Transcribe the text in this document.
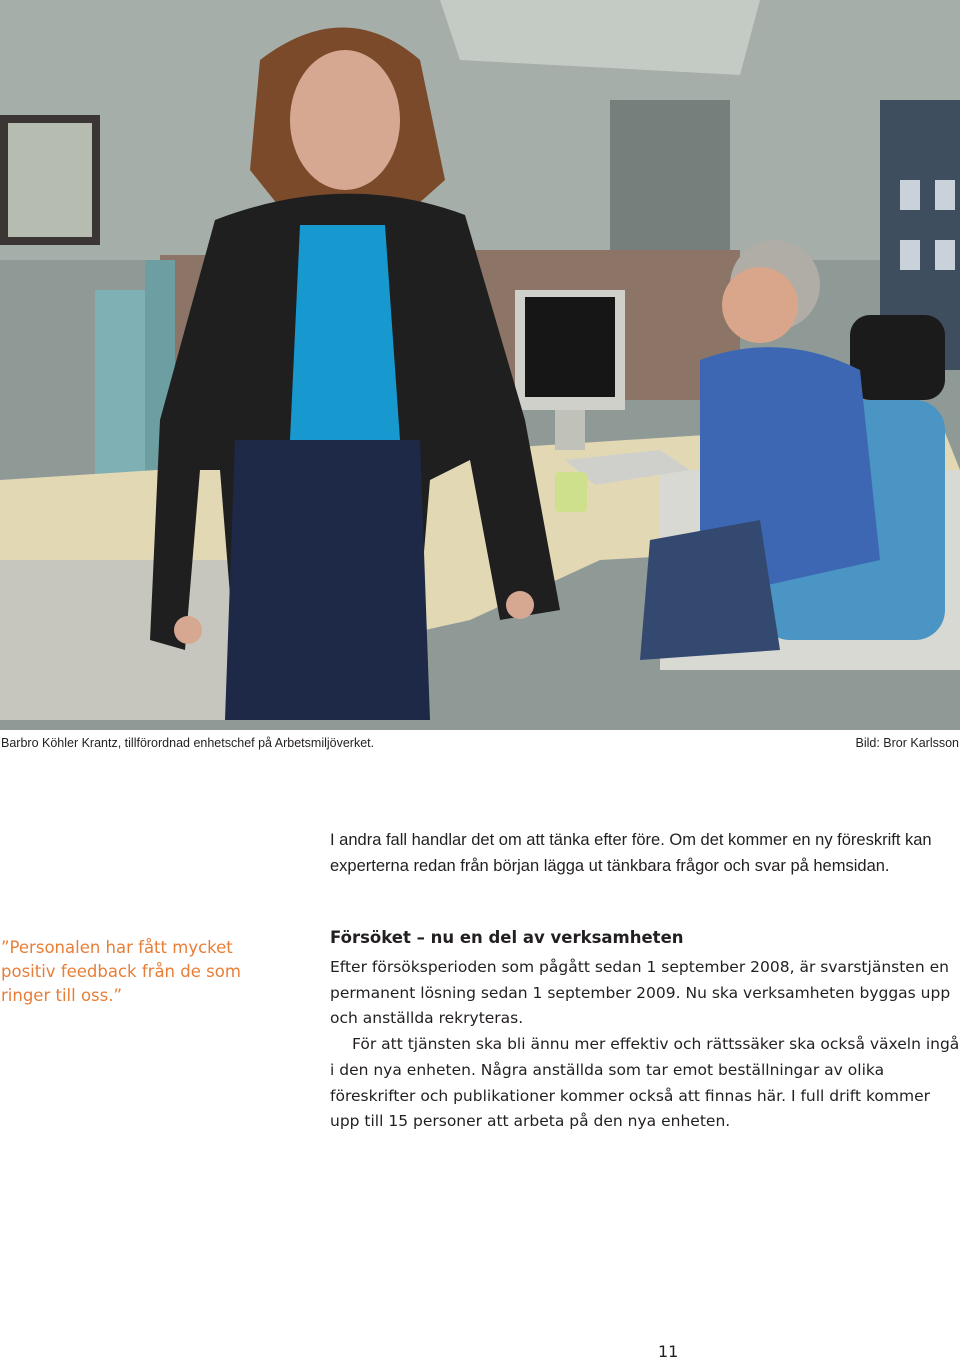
Barbro Köhler Krantz, tillförordnad enhetschef på Arbetsmiljöverket.	Bild: Bror Karlsson

I andra fall handlar det om att tänka efter före. Om det kommer en ny föreskrift kan experterna redan från början lägga ut tänkbara frågor och svar på hemsidan.

”Personalen har fått mycket positiv feedback från de som ringer till oss.”

Försöket – nu en del av verksamheten

Efter försöksperioden som pågått sedan 1 september 2008, är svarstjänsten en permanent lösning sedan 1 september 2009. Nu ska verksamheten byggas upp och anställda rekryteras.

För att tjänsten ska bli ännu mer effektiv och rättssäker ska också växeln ingå i den nya enheten. Några anställda som tar emot beställningar av olika föreskrifter och publikationer kommer också att finnas här. I full drift kommer upp till 15 personer att arbeta på den nya enheten.

11
